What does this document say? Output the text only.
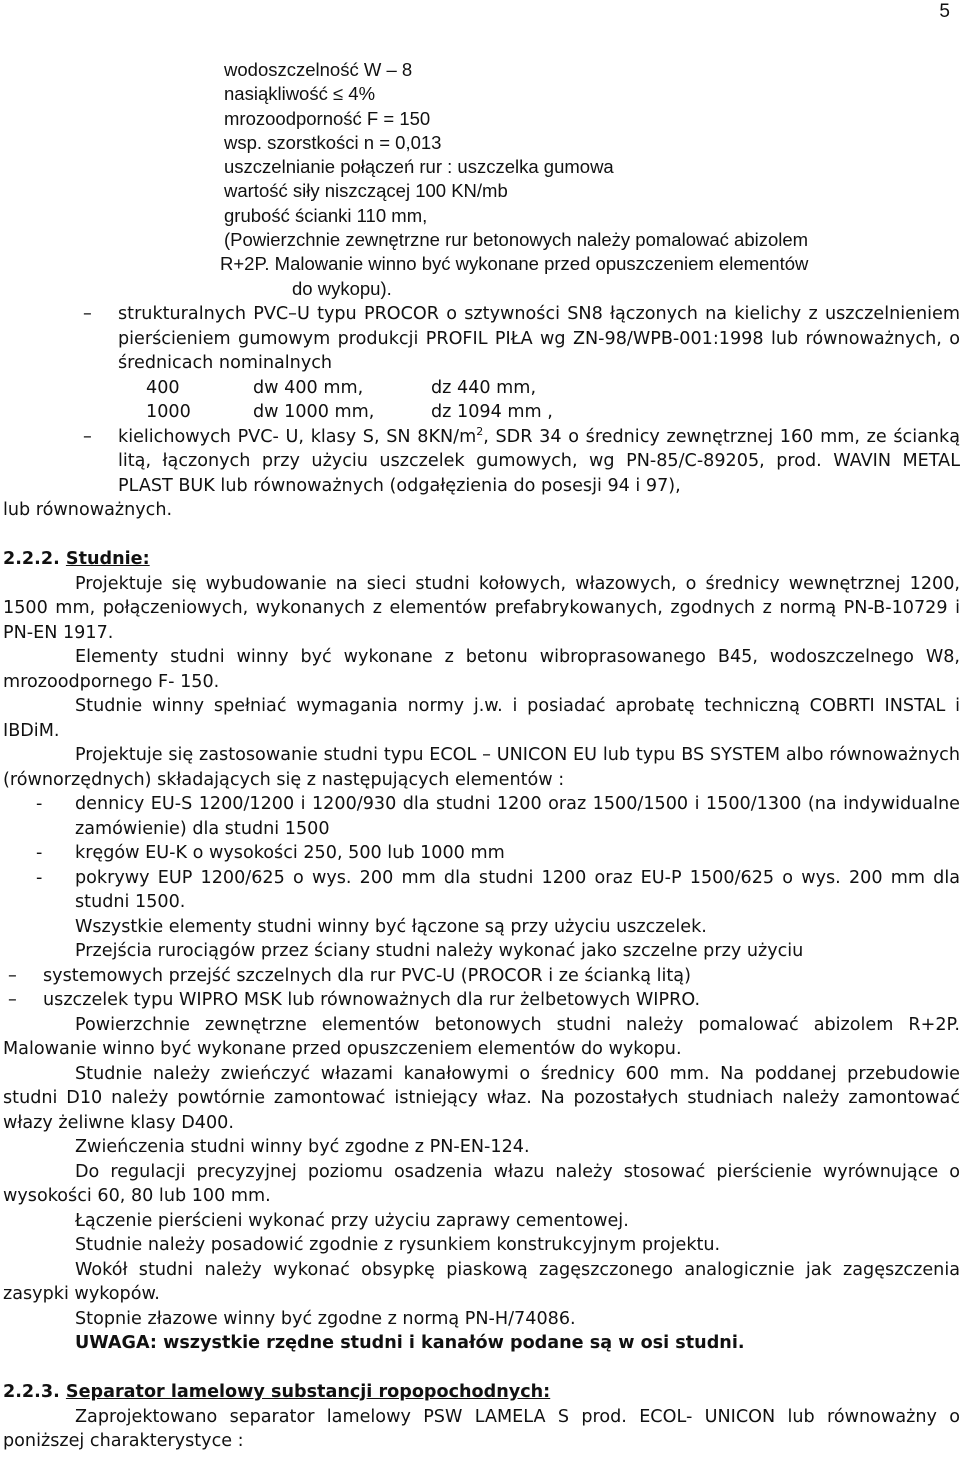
5
wodoszczelność W – 8
nasiąkliwość ≤ 4%
mrozoodporność F = 150
wsp. szorstkości n = 0,013
uszczelnianie połączeń rur : uszczelka gumowa
wartość siły niszczącej 100 KN/mb
grubość ścianki 110 mm,
(Powierzchnie zewnętrzne rur betonowych należy pomalować abizolem
R+2P. Malowanie winno być wykonane przed opuszczeniem elementów
do wykopu).
– strukturalnych PVC–U typu PROCOR o sztywności SN8 łączonych na kielichy z uszczelnieniem pierścieniem gumowym produkcji PROFIL PIŁA wg ZN-98/WPB-001:1998 lub równoważnych, o średnicach nominalnych
400	dw 400 mm,	dz 440 mm,
1000	dw 1000 mm,	dz 1094 mm ,
– kielichowych PVC- U, klasy S, SN $8KN/m^2$, SDR 34 o średnicy zewnętrznej 160 mm, ze ścianką litą, łączonych przy użyciu uszczelek gumowych, wg PN-85/C-89205, prod. WAVIN METAL PLAST BUK lub równoważnych (odgałęzienia do posesji 94 i 97),
lub równoważnych.
2.2.2. Studnie:
Projektuje się wybudowanie na sieci studni kołowych, włazowych, o średnicy wewnętrznej 1200, 1500 mm, połączeniowych, wykonanych z elementów prefabrykowanych, zgodnych z normą PN-B-10729 i PN-EN 1917.
Elementy studni winny być wykonane z betonu wibroprasowanego B45, wodoszczelnego W8, mrozoodpornego F- 150.
Studnie winny spełniać wymagania normy j.w. i posiadać aprobatę techniczną COBRTI INSTAL i IBDiM.
Projektuje się zastosowanie studni typu ECOL – UNICON EU lub typu BS SYSTEM albo równoważnych (równorzędnych) składających się z następujących elementów :
- dennicy EU-S 1200/1200 i 1200/930 dla studni 1200 oraz 1500/1500 i 1500/1300 (na indywidualne zamówienie) dla studni 1500
- kręgów EU-K o wysokości 250, 500 lub 1000 mm
- pokrywy EUP 1200/625 o wys. 200 mm dla studni 1200 oraz EU-P 1500/625 o wys. 200 mm dla studni 1500.
Wszystkie elementy studni winny być łączone są przy użyciu uszczelek.
Przejścia rurociągów przez ściany studni należy wykonać jako szczelne przy użyciu
– systemowych przejść szczelnych dla rur PVC-U (PROCOR i ze ścianką litą)
– uszczelek typu WIPRO MSK lub równoważnych dla rur żelbetowych WIPRO.
Powierzchnie zewnętrzne elementów betonowych studni należy pomalować abizolem R+2P. Malowanie winno być wykonane przed opuszczeniem elementów do wykopu.
Studnie należy zwieńczyć włazami kanałowymi o średnicy 600 mm. Na poddanej przebudowie studni D10 należy powtórnie zamontować istniejący właz. Na pozostałych studniach należy zamontować włazy żeliwne klasy D400.
Zwieńczenia studni winny być zgodne z PN-EN-124.
Do regulacji precyzyjnej poziomu osadzenia włazu należy stosować pierścienie wyrównujące o wysokości 60, 80 lub 100 mm.
Łączenie pierścieni wykonać przy użyciu zaprawy cementowej.
Studnie należy posadowić zgodnie z rysunkiem konstrukcyjnym projektu.
Wokół studni należy wykonać obsypkę piaskową zagęszczonego analogicznie jak zagęszczenia zasypki wykopów.
Stopnie złazowe winny być zgodne z normą PN-H/74086.
UWAGA: wszystkie rzędne studni i kanałów podane są w osi studni.
2.2.3. Separator lamelowy substancji ropopochodnych:
Zaprojektowano separator lamelowy PSW LAMELA S prod. ECOL- UNICON lub równoważny o poniższej charakterystyce :
